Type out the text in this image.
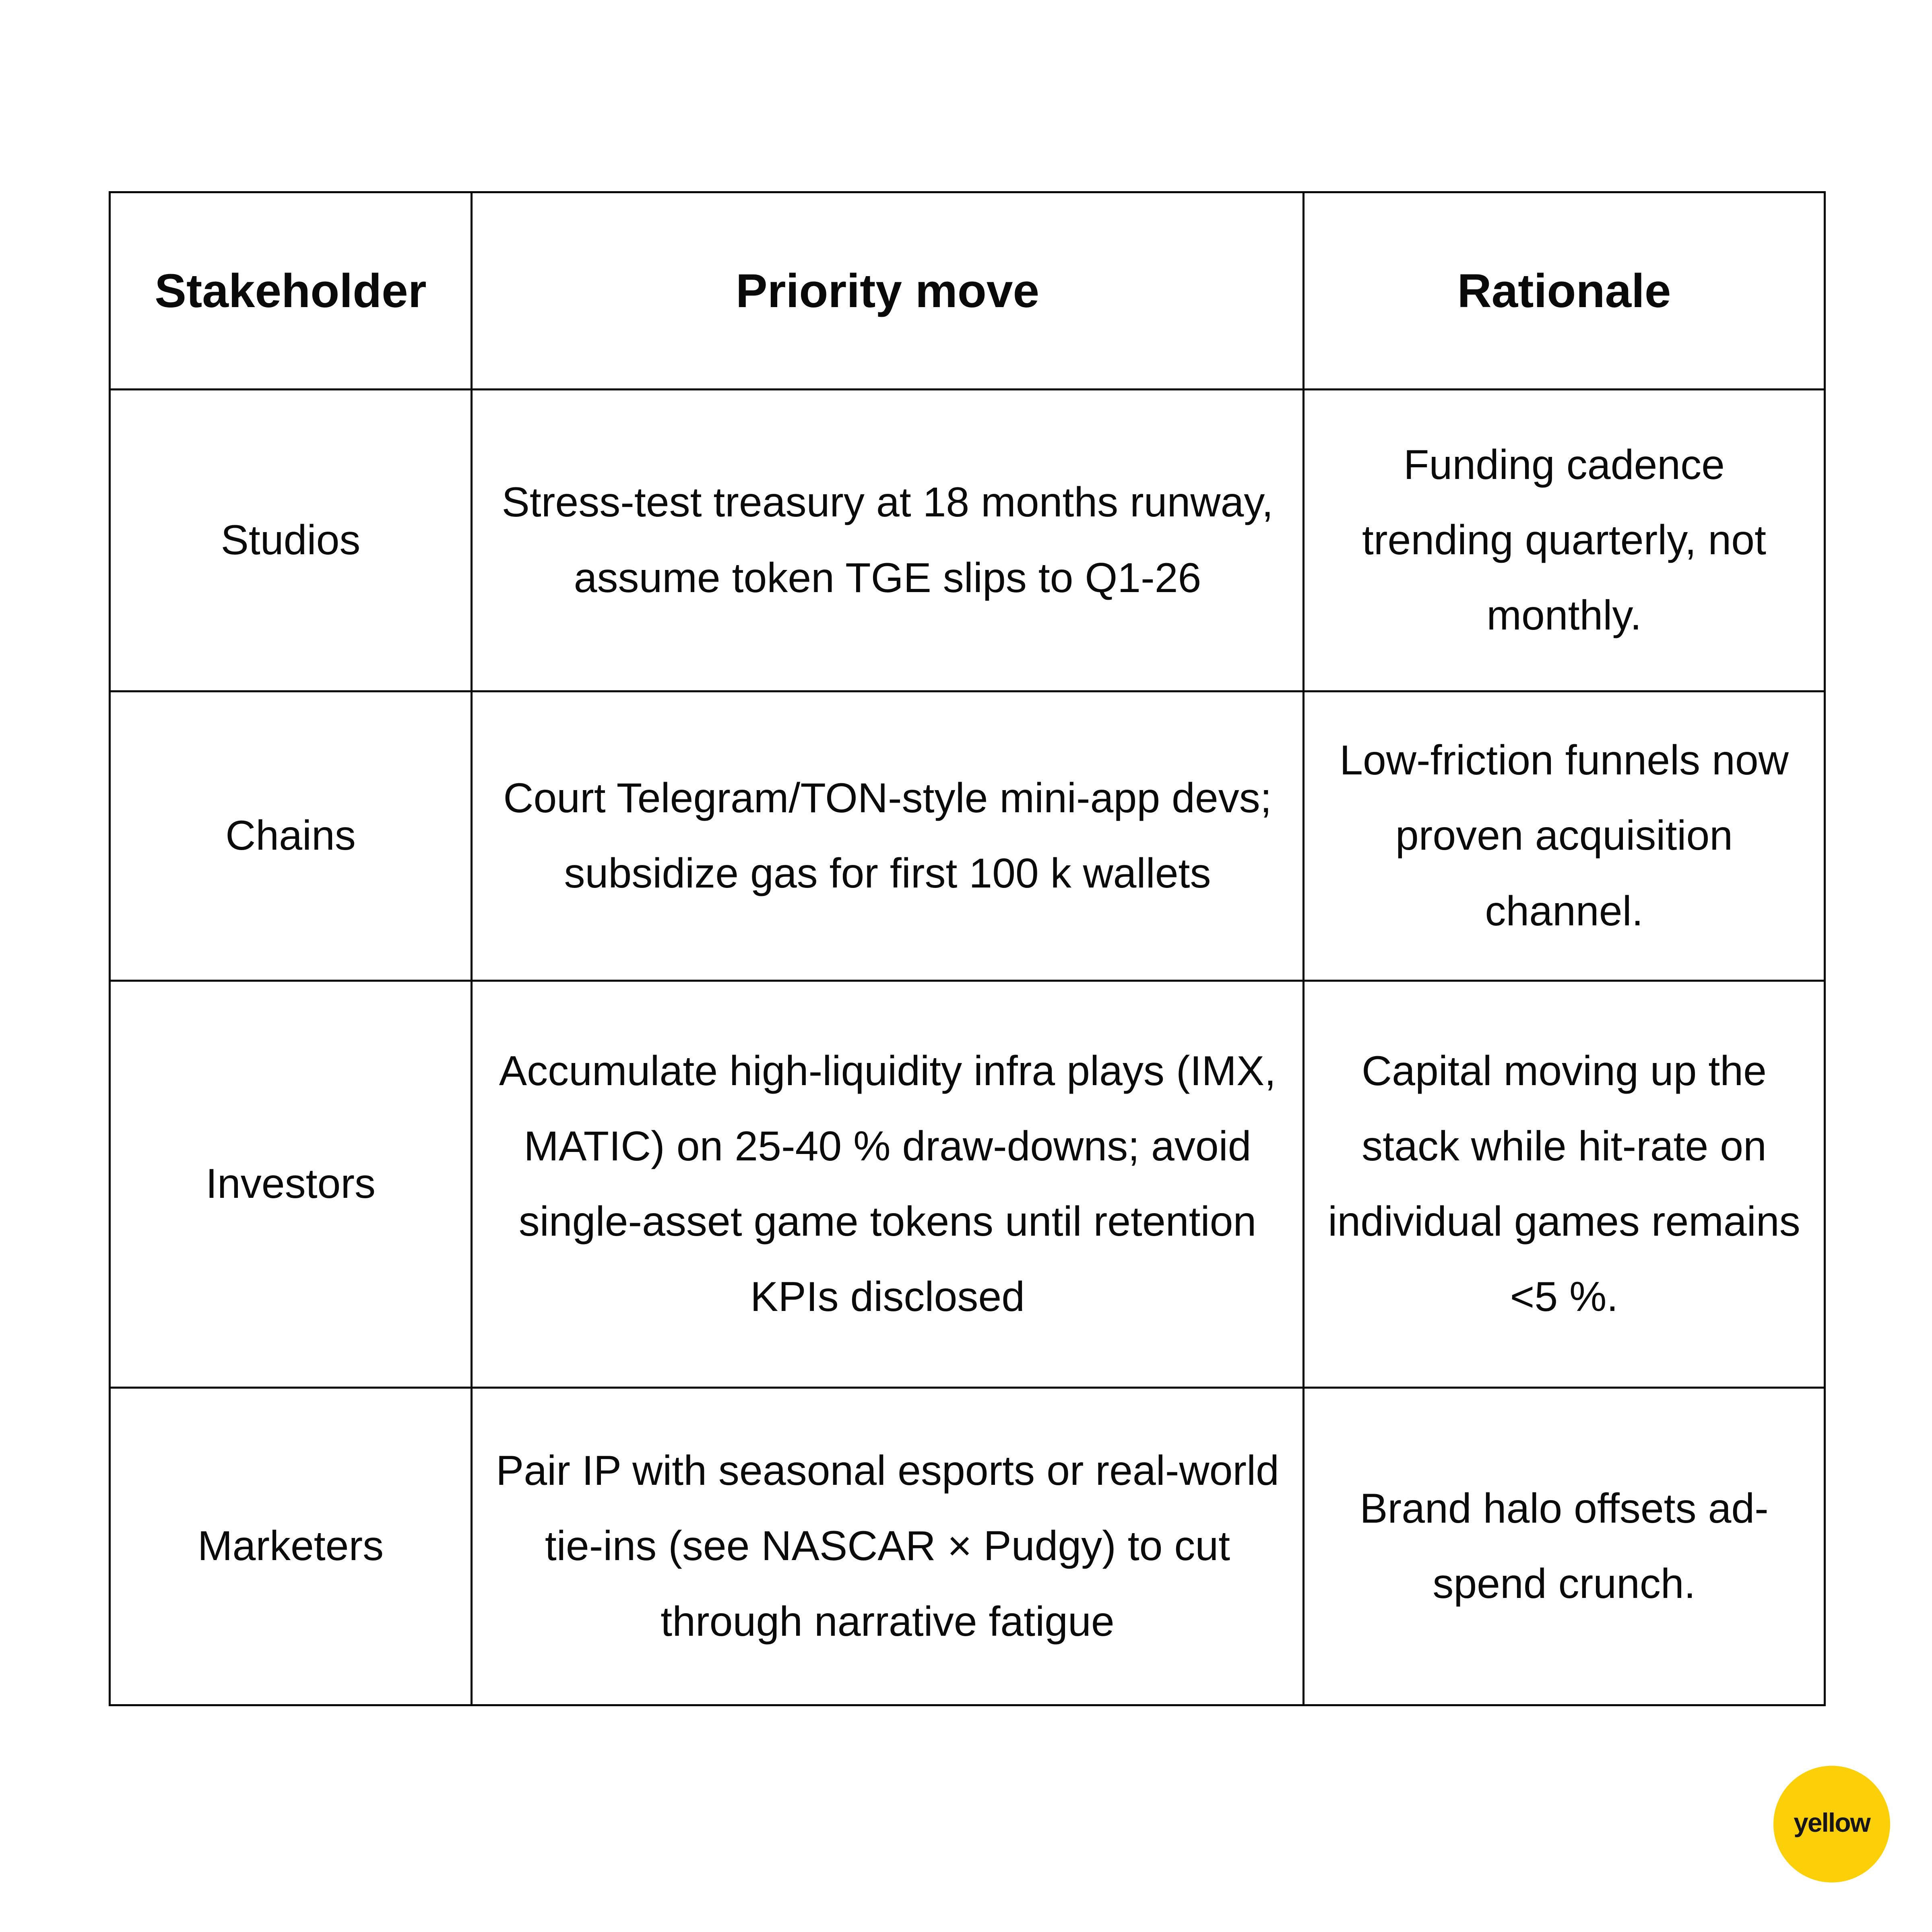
Stakeholder	Priority move	Rationale
Studios	Stress-test treasury at 18 months runway, assume token TGE slips to Q1-26	Funding cadence trending quarterly, not monthly.
Chains	Court Telegram/TON-style mini-app devs; subsidize gas for first 100 k wallets	Low-friction funnels now proven acquisition channel.
Investors	Accumulate high-liquidity infra plays (IMX, MATIC) on 25-40 % draw-downs; avoid single-asset game tokens until retention KPIs disclosed	Capital moving up the stack while hit-rate on individual games remains <5 %.
Marketers	Pair IP with seasonal esports or real-world tie-ins (see NASCAR × Pudgy) to cut through narrative fatigue	Brand halo offsets ad-spend crunch.
yellow
